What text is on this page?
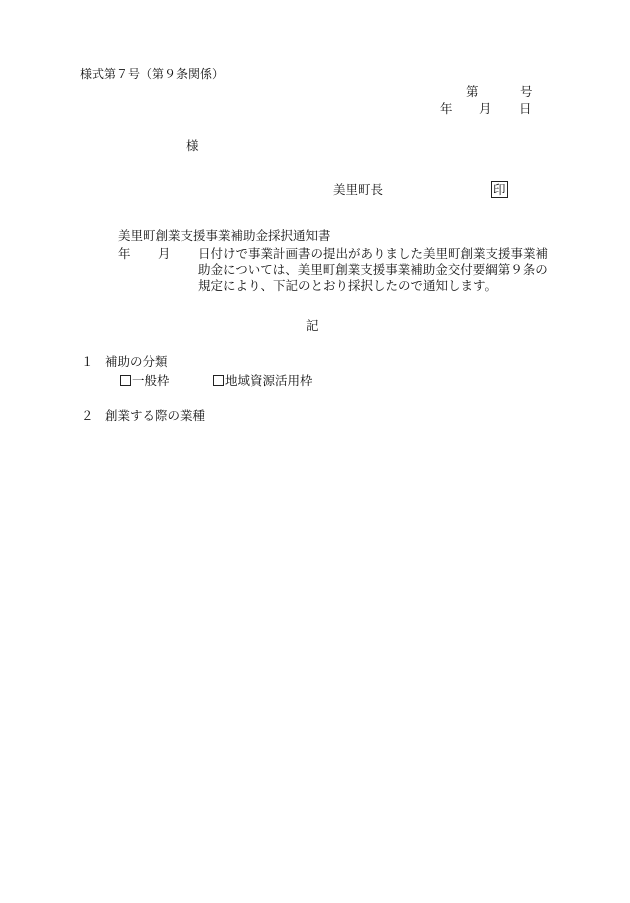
様式第７号（第９条関係）
第	号
年 月 日
様
美里町長	印
美里町創業支援事業補助金採択通知書
年 月 日付けで事業計画書の提出がありました美里町創業支援事業補助金については、美里町創業支援事業補助金交付要綱第９条の規定により、下記のとおり採択したので通知します。
記
１ 補助の分類
一般枠	地域資源活用枠
２ 創業する際の業種
